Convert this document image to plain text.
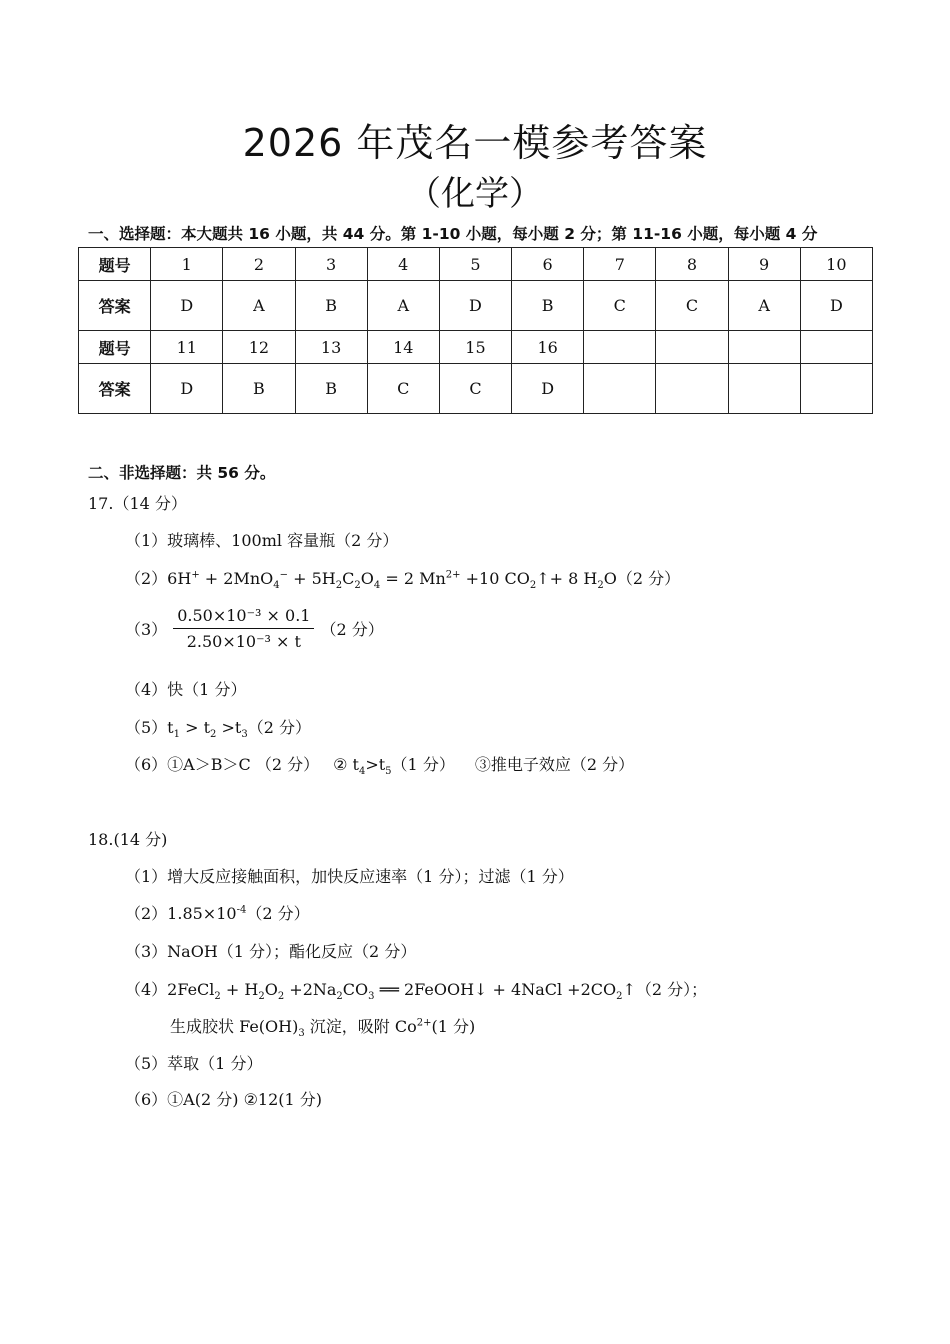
2026 年茂名一模参考答案
（化学）
一、选择题：本大题共 16 小题，共 44 分。第 1-10 小题，每小题 2 分；第 11-16 小题，每小题 4 分
题号	1	2	3	4	5	6	7	8	9	10
答案	D	A	B	A	D	B	C	C	A	D
题号	11	12	13	14	15	16				
答案	D	B	B	C	C	D				
二、非选择题：共 56 分。
17.（14 分）
（1）玻璃棒、100ml 容量瓶（2 分）
$(2)6H^+ + 2MnO_4^- + 5H_2C_2O_4 = 2$ $Mn^{2+} +10$ $CO_2↑+ 8$ $H_2O(2$ 分）
$(3) \frac{\text{0.50×10⁻³ × 0.1}}{\text{2.50×10⁻³ × t}} (2$ 分）
（4）快（1 分）
$(5)t_1 > t_2 >t_3(2$ 分）
（6）①A＞B＞C （2 分） ② $t_4>t_5(1$ 分） ③推电子效应（2 分）
18.(14 分)
（1）增大反应接触面积，加快反应速率（1 分）；过滤（1 分）
$(2)1.85\times 10^{-4}(2$ 分）
（3）NaOH（1 分）；酯化反应（2 分）
（4）2FeCl$_2$ + $H_2O_2 +2Na_2CO_3$ ══ 2FeOOH↓ + 4NaCl $+2CO_2↑(2$ 分）；
生成胶状 $Fe(OH)_3$ 沉淀，吸附 $Co^{2+}(1$ 分)
（5）萃取（1 分）
（6）①A(2 分) ②12(1 分)
